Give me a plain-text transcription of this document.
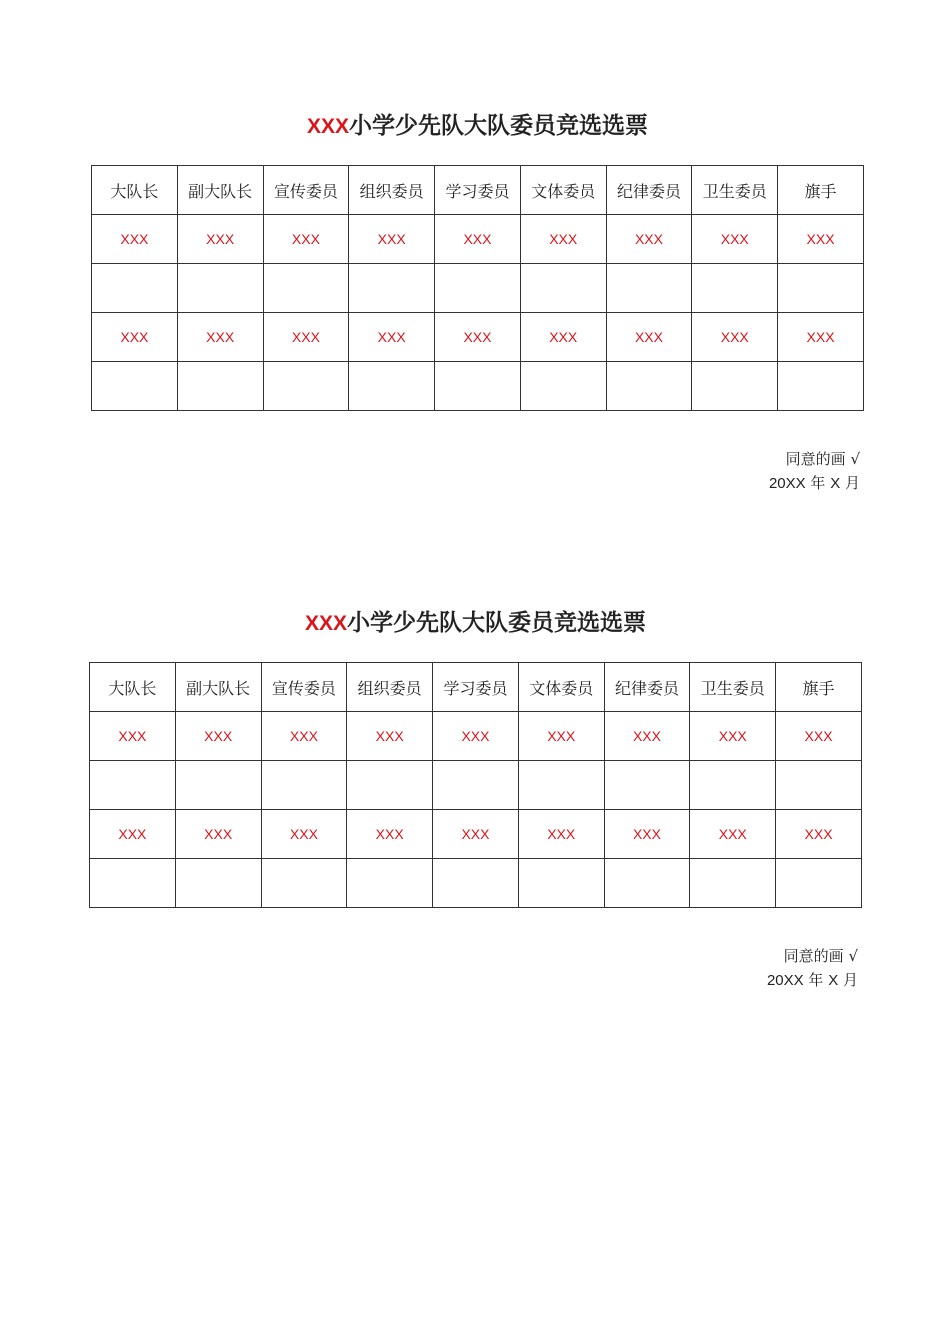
XXX小学少先队大队委员竞选选票
大队长	副大队长	宣传委员	组织委员	学习委员	文体委员	纪律委员	卫生委员	旗手
XXX	XXX	XXX	XXX	XXX	XXX	XXX	XXX	XXX

XXX	XXX	XXX	XXX	XXX	XXX	XXX	XXX	XXX

同意的画 √
20XX 年 X 月
XXX小学少先队大队委员竞选选票
大队长	副大队长	宣传委员	组织委员	学习委员	文体委员	纪律委员	卫生委员	旗手
XXX	XXX	XXX	XXX	XXX	XXX	XXX	XXX	XXX

XXX	XXX	XXX	XXX	XXX	XXX	XXX	XXX	XXX

同意的画 √
20XX 年 X 月
